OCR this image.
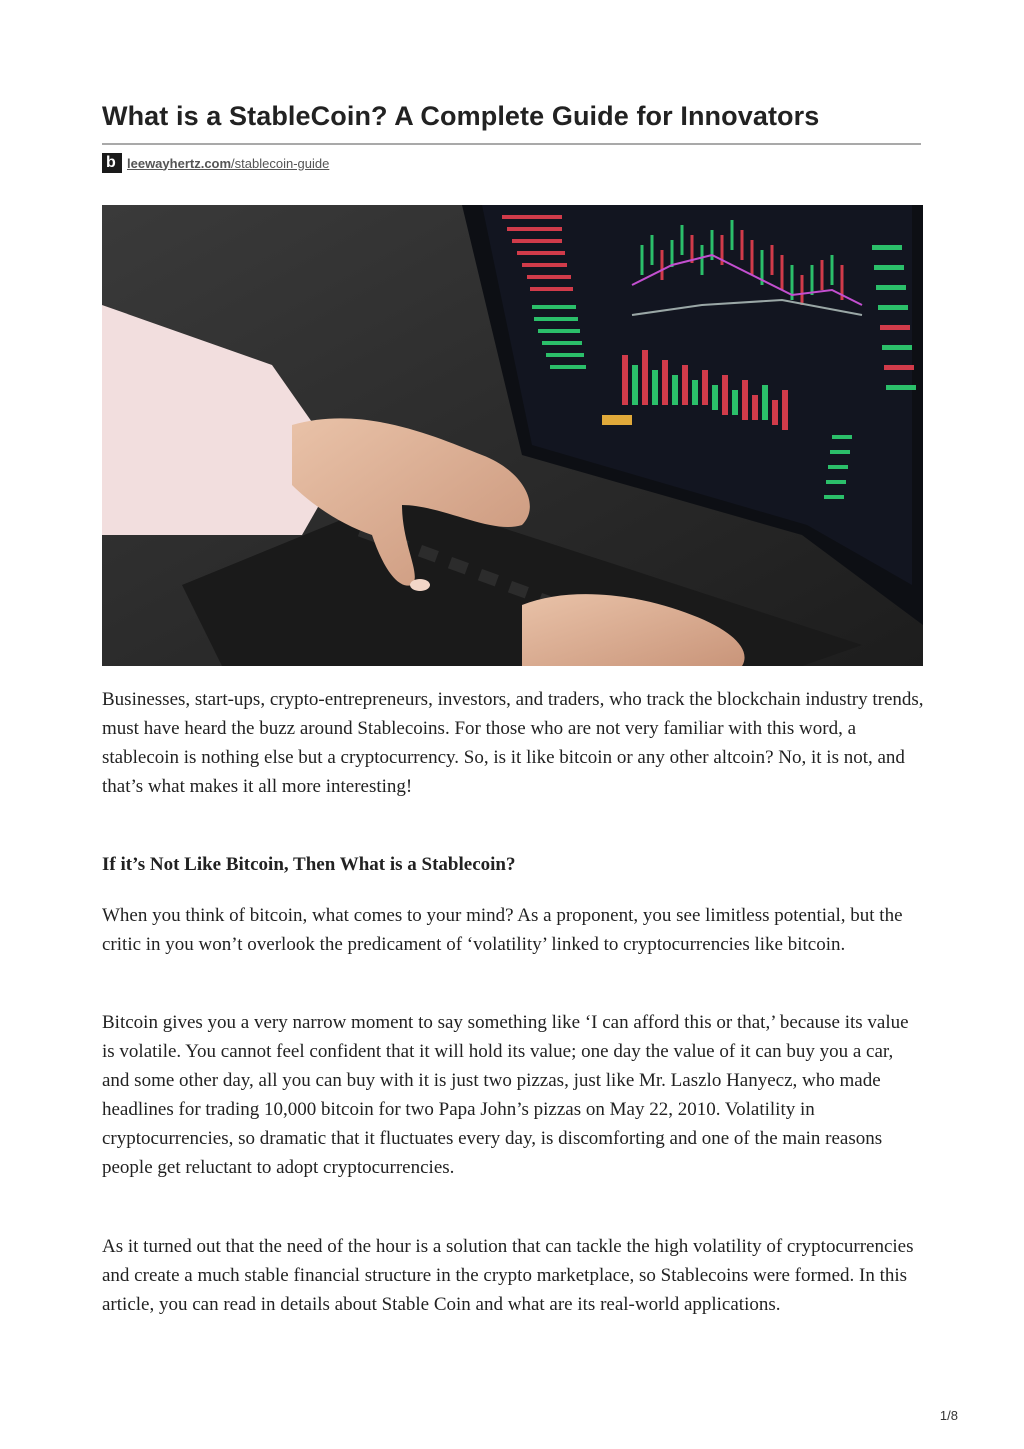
What is a StableCoin? A Complete Guide for Innovators
b leewayhertz.com/stablecoin-guide

Businesses, start-ups, crypto-entrepreneurs, investors, and traders, who track the blockchain industry trends, must have heard the buzz around Stablecoins. For those who are not very familiar with this word, a stablecoin is nothing else but a cryptocurrency. So, is it like bitcoin or any other altcoin? No, it is not, and that’s what makes it all more interesting!

If it’s Not Like Bitcoin, Then What is a Stablecoin?

When you think of bitcoin, what comes to your mind? As a proponent, you see limitless potential, but the critic in you won’t overlook the predicament of ‘volatility’ linked to cryptocurrencies like bitcoin.

Bitcoin gives you a very narrow moment to say something like ‘I can afford this or that,’ because its value is volatile. You cannot feel confident that it will hold its value; one day the value of it can buy you a car, and some other day, all you can buy with it is just two pizzas, just like Mr. Laszlo Hanyecz, who made headlines for trading 10,000 bitcoin for two Papa John’s pizzas on May 22, 2010. Volatility in cryptocurrencies, so dramatic that it fluctuates every day, is discomforting and one of the main reasons people get reluctant to adopt cryptocurrencies.

As it turned out that the need of the hour is a solution that can tackle the high volatility of cryptocurrencies and create a much stable financial structure in the crypto marketplace, so Stablecoins were formed. In this article, you can read in details about Stable Coin and what are its real-world applications.

1/8
